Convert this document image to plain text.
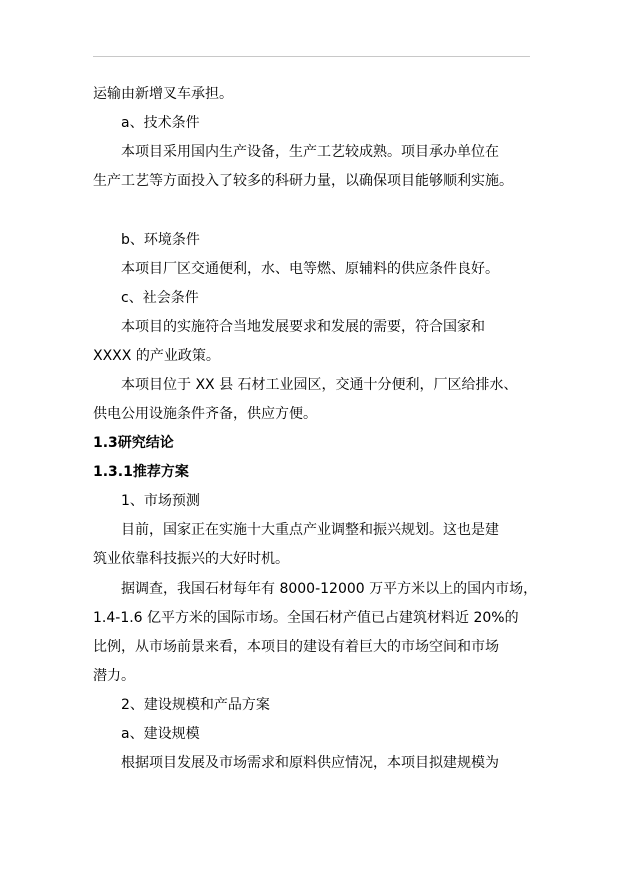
运输由新增叉车承担。
a、技术条件
本项目采用国内生产设备，生产工艺较成熟。项目承办单位在
生产工艺等方面投入了较多的科研力量，以确保项目能够顺利实施。
b、环境条件
本项目厂区交通便利，水、电等燃、原辅料的供应条件良好。
c、社会条件
本项目的实施符合当地发展要求和发展的需要，符合国家和
XXXX 的产业政策。
本项目位于 XX 县 石材工业园区，交通十分便利，厂区给排水、
供电公用设施条件齐备，供应方便。
1.3研究结论
1.3.1推荐方案
1、市场预测
目前，国家正在实施十大重点产业调整和振兴规划。这也是建
筑业依靠科技振兴的大好时机。
据调查，我国石材每年有 8000-12000 万平方米以上的国内市场，
1.4-1.6 亿平方米的国际市场。全国石材产值已占建筑材料近 20%的
比例，从市场前景来看，本项目的建设有着巨大的市场空间和市场
潜力。
2、建设规模和产品方案
a、建设规模
根据项目发展及市场需求和原料供应情况，本项目拟建规模为
